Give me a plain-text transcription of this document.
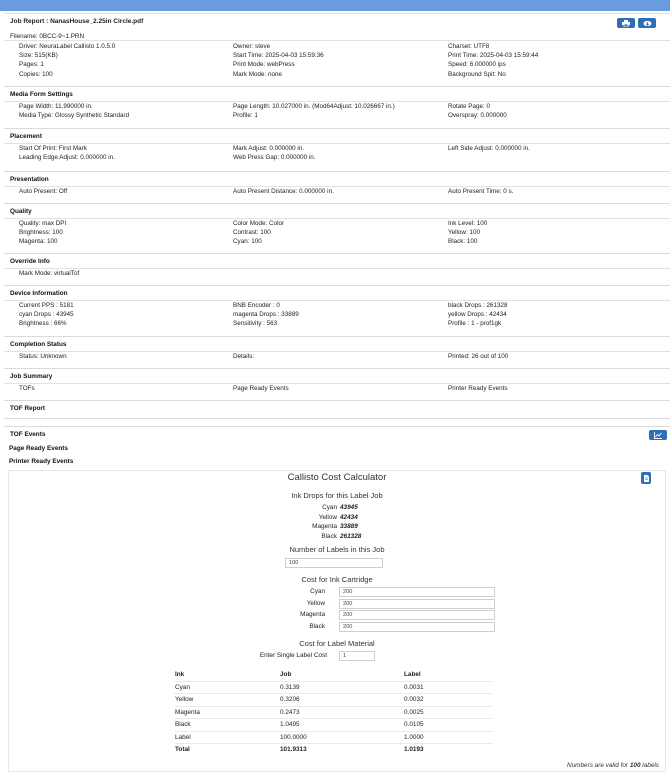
Job Report : NanasHouse_2.25in Circle.pdf
Filename: 0BCC-9~1.PRN
Driver: NeuraLabel Callisto 1.0.5.0	Owner: steve	Charset: UTF8
Size: 515(KB)	Start Time: 2025-04-03 15:59:36	Print Time: 2025-04-03 15:59:44
Pages: 1	Print Mode: webPress	Speed: 6.000000 ips
Copies: 100	Mark Mode: none	Background Spit: No
Media Form Settings
Page Width: 11.990000 in.	Page Length: 10.027000 in. (Mod64Adjust: 10.026667 in.)	Rotate Page: 0
Media Type: Glossy Synthetic Standard	Profile: 1	Overspray: 0.000000
Placement
Start Of Print: First Mark	Mark Adjust: 0.000000 in.	Left Side Adjust: 0.000000 in.
Leading Edge Adjust: 0.000000 in.	Web Press Gap: 0.000000 in.
Presentation
Auto Present: Off	Auto Present Distance: 0.000000 in.	Auto Present Time: 0 s.
Quality
Quality: max DPI	Color Mode: Color	Ink Level: 100
Brightness: 100	Contrast: 100	Yellow: 100
Magenta: 100	Cyan: 100	Black: 100
Override Info
Mark Mode: virtualTof
Device Information
Current PPS : 5181	BNB Encoder : 0	black Drops : 261328
cyan Drops : 43945	magenta Drops : 33889	yellow Drops : 42434
Brightness : 66%	Sensitivity : 563	Profile : 1 - prof1gk
Completion Status
Status: Unknown	Details:	Printed: 26 out of 100
Job Summary
TOFs	Page Ready Events	Printer Ready Events
TOF Report
TOF Events
Page Ready Events
Printer Ready Events
Callisto Cost Calculator
Ink Drops for this Label Job
Cyan 43945
Yellow 42434
Magenta 33889
Black 261328
Number of Labels in this Job
100
Cost for Ink Cartridge
Cyan	200
Yellow	200
Magenta	200
Black	200
Cost for Label Material
Enter Single Label Cost	1
Ink	Job	Label
Cyan	0.3139	0.0031
Yellow	0.3206	0.0032
Magenta	0.2473	0.0025
Black	1.0495	0.0105
Label	100.0000	1.0000
Total	101.9313	1.0193
Numbers are valid for 100 labels
